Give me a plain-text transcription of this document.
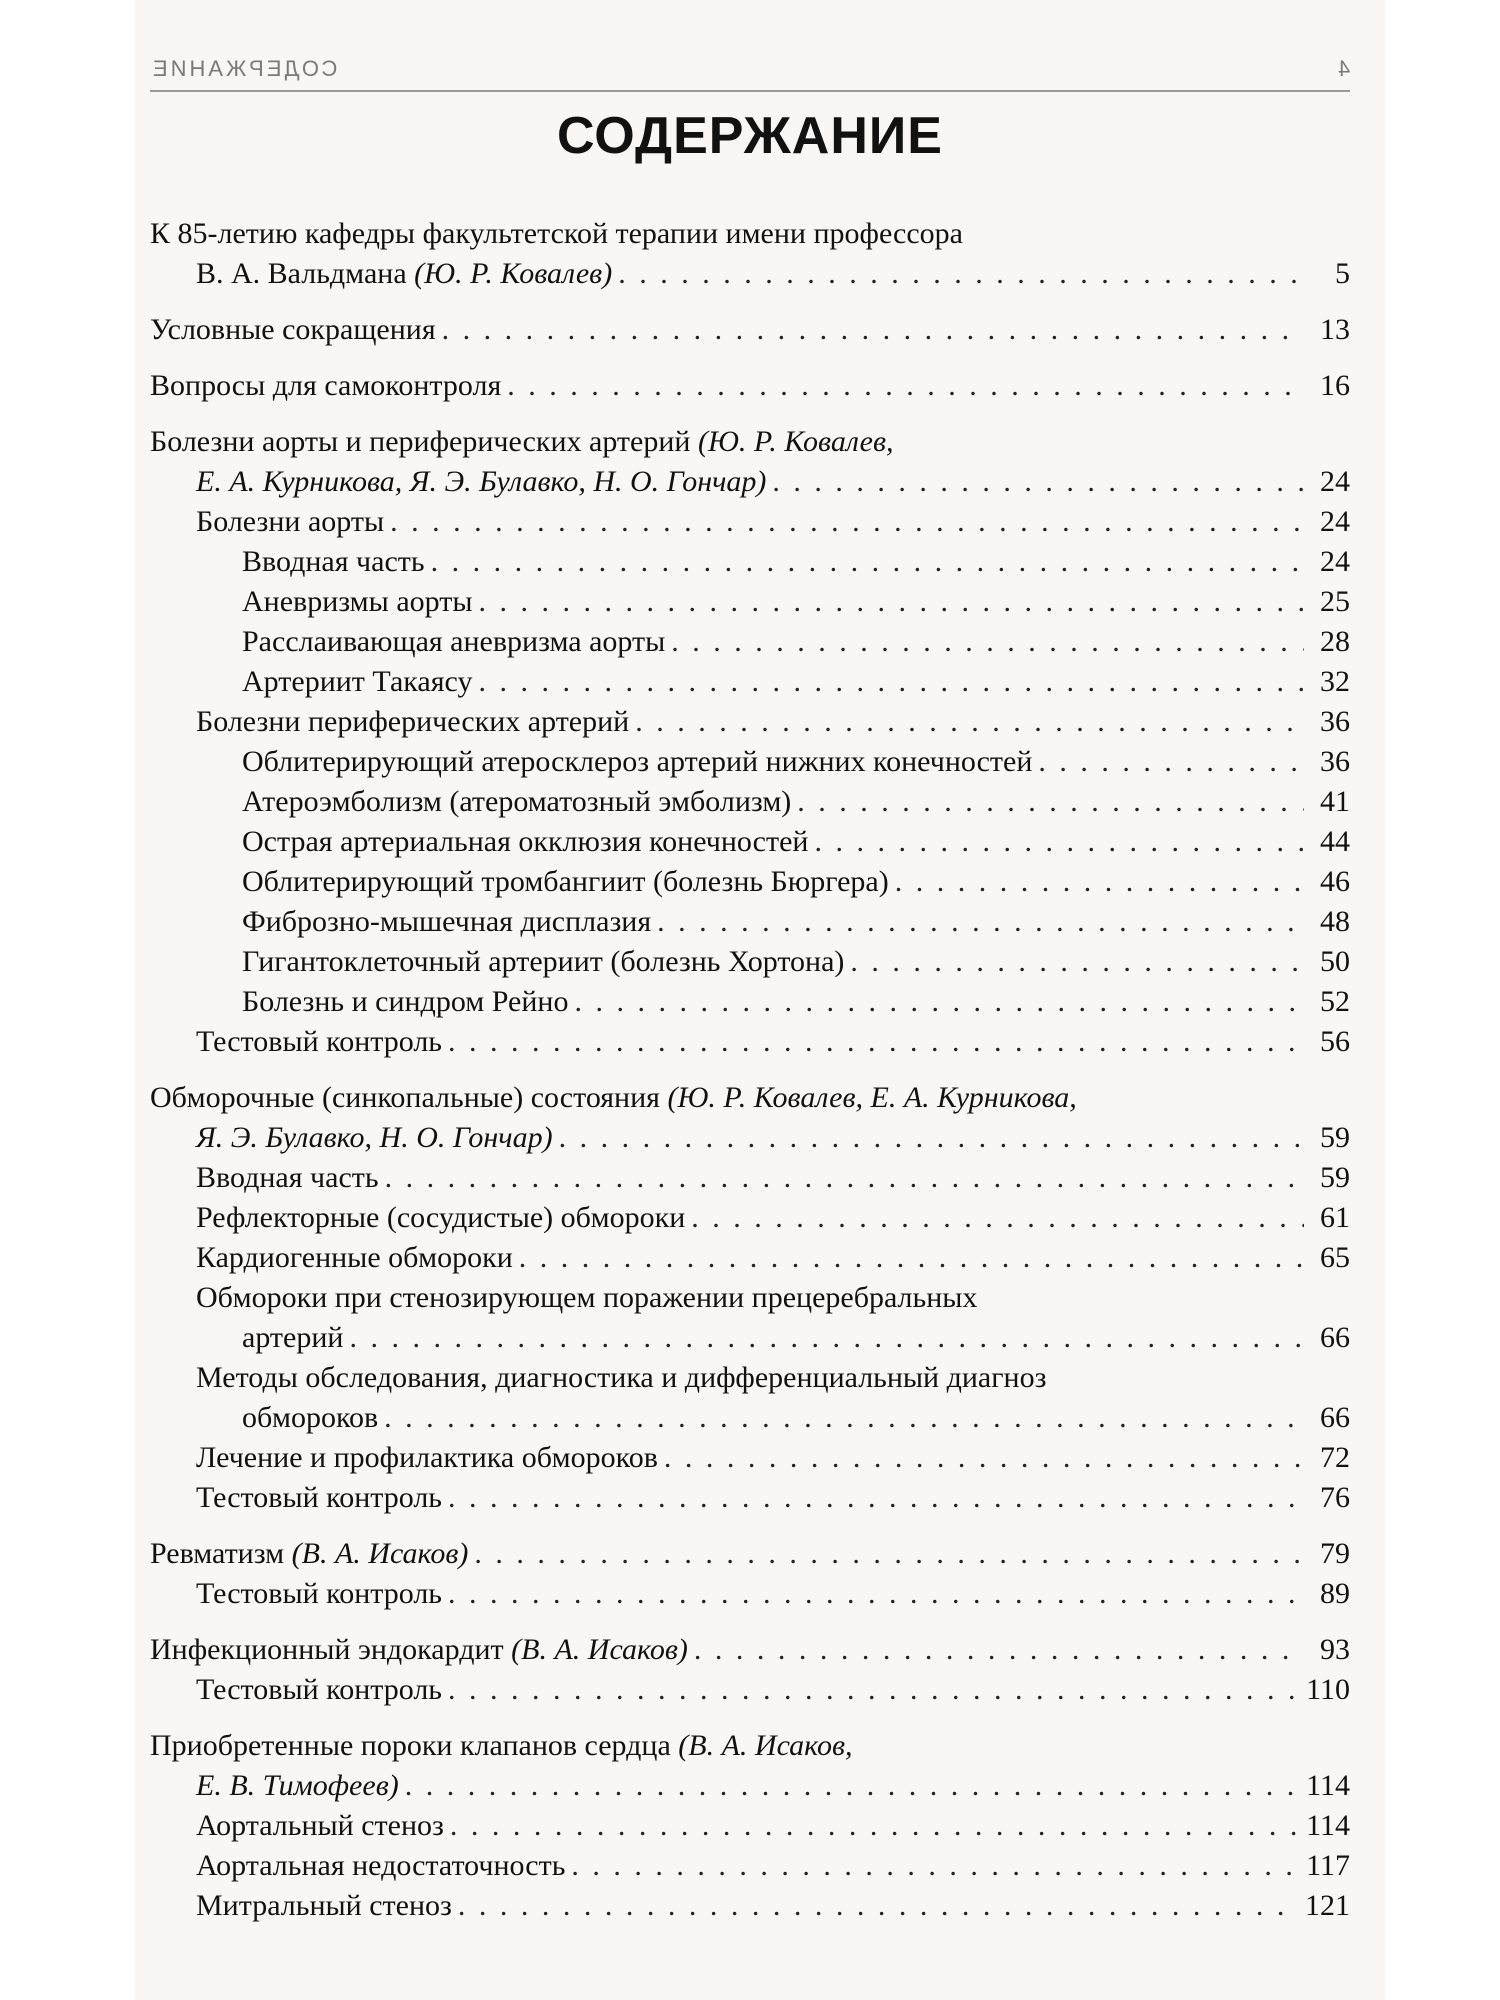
СОДЕРЖАНИЕ	4
СОДЕРЖАНИЕ
К 85-летию кафедры факультетской терапии имени профессора
В. А. Вальдмана (Ю. Р. Ковалев) . . .	5
Условные сокращения . . .	13
Вопросы для самоконтроля . . .	16
Болезни аорты и периферических артерий (Ю. Р. Ковалев,
Е. А. Курникова, Я. Э. Булавко, Н. О. Гончар) . . .	24
Болезни аорты . . .	24
Вводная часть . . .	24
Аневризмы аорты . . .	25
Расслаивающая аневризма аорты . . .	28
Артериит Такаясу . . .	32
Болезни периферических артерий . . .	36
Облитерирующий атеросклероз артерий нижних конечностей . . .	36
Атероэмболизм (атероматозный эмболизм) . . .	41
Острая артериальная окклюзия конечностей . . .	44
Облитерирующий тромбангиит (болезнь Бюргера) . . .	46
Фиброзно-мышечная дисплазия . . .	48
Гигантоклеточный артериит (болезнь Хортона) . . .	50
Болезнь и синдром Рейно . . .	52
Тестовый контроль . . .	56
Обморочные (синкопальные) состояния (Ю. Р. Ковалев, Е. А. Курникова,
Я. Э. Булавко, Н. О. Гончар) . . .	59
Вводная часть . . .	59
Рефлекторные (сосудистые) обмороки . . .	61
Кардиогенные обмороки . . .	65
Обмороки при стенозирующем поражении прецеребральных
артерий . . .	66
Методы обследования, диагностика и дифференциальный диагноз
обмороков . . .	66
Лечение и профилактика обмороков . . .	72
Тестовый контроль . . .	76
Ревматизм (В. А. Исаков) . . .	79
Тестовый контроль . . .	89
Инфекционный эндокардит (В. А. Исаков) . . .	93
Тестовый контроль . . .	110
Приобретенные пороки клапанов сердца (В. А. Исаков,
Е. В. Тимофеев) . . .	114
Аортальный стеноз . . .	114
Аортальная недостаточность . . .	117
Митральный стеноз . . .	121
